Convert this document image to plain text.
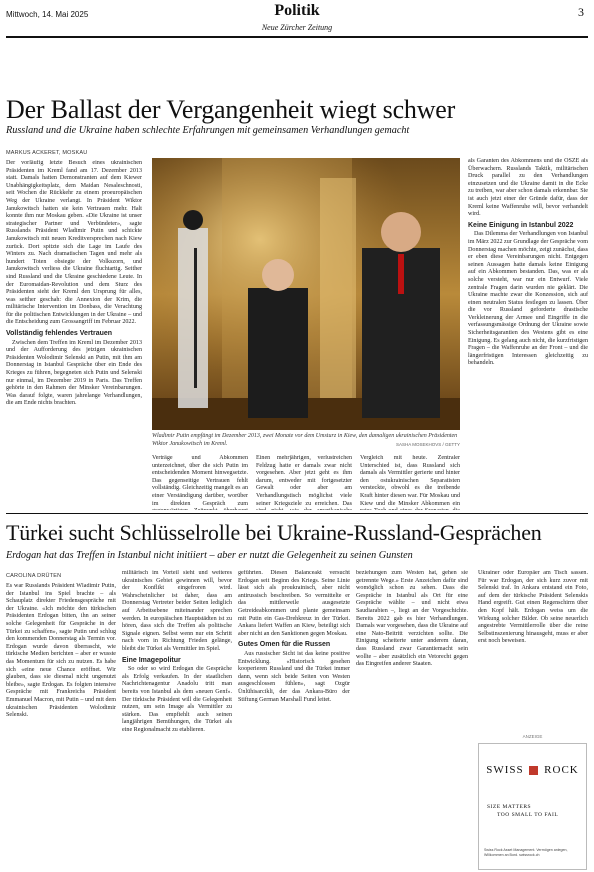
Mittwoch, 14. Mai 2025	Politik
Neue Zürcher Zeitung
3
Der Ballast der Vergangenheit wiegt schwer
Russland und die Ukraine haben schlechte Erfahrungen mit gemeinsamen Verhandlungen gemacht
MARKUS ACKERET, MOSKAU

Der vorläufig letzte Besuch eines ukrainischen Präsidenten im Kreml fand am 17. Dezember 2013 statt. Damals hatten Demonstranten auf dem Kiewer Unabhängigkeitsplatz, dem Maidan Nesaleschnosti, seit Wochen die Rückkehr zu einem proeuropäischen Weg der Ukraine verlangt. In Präsident Wiktor Janukowitsch hatten sie kein Vertrauen mehr. Halt konnte ihm nur Moskau geben. «Die Ukraine ist unser strategischer Partner und Verbündeter», sagte Russlands Präsident Wladimir Putin und schickte Janukowitsch mit neuen Kreditversprechen nach Kiew zurück. Dort spitzte sich die Lage im Laufe des Winters zu. Nach dramatischen Tagen und mehr als hundert Toten obsiegte der Volkszorn, und Janukowitsch verliess die Ukraine fluchtartig. Seither sind Russland und die Ukraine geschiedene Leute. In der Euromaidan-Revolution und dem Sturz des Präsidenten sieht der Kreml den Ursprung für alles, was seither geschah: die Annexion der Krim, die militärische Intervention im Donbass, die Verachtung für die politischen Entwicklungen in der Ukraine – und die Entscheidung zum Grossangriff im Februar 2022.

Vollständig fehlendes Vertrauen

Zwischen dem Treffen im Kreml im Dezember 2013 und der Aufforderung des jetzigen ukrainischen Präsidenten Wolodimir Selenski an Putin, mit ihm am Donnerstag in Istanbul Gespräche über ein Ende des Krieges zu führen, begegneten sich Putin und Selenski nur einmal, im Dezember 2019 in Paris. Das Treffen gehörte in den Rahmen der Minsker Vereinbarungen. Was darauf folgte, waren jahrelange Verhandlungen, die am Ende nichts brachten.

Wladimir Putin empfängt im Dezember 2013, zwei Monate vor dem Umsturz in Kiew, den damaligen ukrainischen Präsidenten Wiktor Janukowitsch im Kreml.	SASHA MOSEKHOVS / GETTY

Verträge und Abkommen unterzeichnet, über die sich Putin im entscheidenden Moment hinwegsetzte. Das gegenseitige Vertrauen fehlt vollständig. Gleichzeitig mangelt es an einer Verständigung darüber, worüber im direkten Gespräch zum

Einen mehrjährigen, verlustreichen Feldzug hatte er damals zwar nicht vorgesehen. Aber jetzt geht es ihm darum, entweder mit fortgesetzter Gewalt oder aber am Verhandlungstisch möglichst viele seiner Kriegsziele zu erreichen. Das

Vergleich mit heute. Zentraler Unterschied ist, dass Russland sich damals als Vermittler gerierte und hinter den ostukrainischen Separatisten versteckte, obwohl es die treibende Kraft hinter diesen war. Für Moskau und Kiew und die Minsker Abkommen ein

als Garanten des Abkommens und die OSZE als Überwachern. Russlands Taktik, militärischen Druck parallel zu den Verhandlungen einzusetzen und die Ukraine damit in die Ecke zu treiben, war aber schon damals erkennbar. Sie ist auch jetzt einer der Gründe dafür, dass der Kreml keine Waffenruhe will, bevor verhandelt wird.

Keine Einigung in Istanbul 2022

Das Dilemma der Verhandlungen von Istanbul im März 2022 zur Grundlage der Gespräche vom Donnerstag machen möchte, zeigt zunächst, dass er eben diese Vereinbarungen nicht. Entgegen seinen Aussagen hatte damals keine Einigung auf ein Abkommen bestanden. Das, was er als solche versteht, war nur ein Entwurf. Viele zentrale Fragen darin wurden nie geklärt. Die Ukraine machte zwar die Konzession, sich auf einen neutralen Status festlegen zu lassen. Über die vor Russland geforderte drastische Verkleinerung der Armee und Eingriffe in die verfassungsmässige Ordnung der Ukraine sowie Sicherheitsgarantien des Westens gibt es eine Einigung. Es gelang auch nicht, die kurzfristigen Fragen – die Waffenruhe an der Front – und die längerfristigen Interessen gleichzeitig zu behandeln.

Türkei sucht Schlüsselrolle bei Ukraine-Russland-Gesprächen
Erdogan hat das Treffen in Istanbul nicht initiiert – aber er nutzt die Gelegenheit zu seinen Gunsten
CAROLINA DRÜTEN

Es war Russlands Präsident Wladimir Putin, der Istanbul ins Spiel brachte – als Schauplatz direkter Friedensgespräche mit der Ukraine. «Ich möchte den türkischen Präsidenten Erdogan bitten, ihn an seiner solche Gelegenheit für Gespräche in der Türkei zu schaffen», sagte Putin und schlug den kommenden Donnerstag als Termin vor. Erdogan wurde davon überrascht, wie türkische Medien berichten – aber er wusste das Momentum für sich zu nutzen. Es habe sich «eine neue Chance eröffnet. Wir glauben, dass sie diesmal nicht ungenutzt bleibe», sagte Erdogan. Es folgten intensive Gespräche mit Frankreichs Präsident Emmanuel Macron, mit Putin – und mit dem ukrainischen Präsidenten Wolodimir Selenski.

militärisch im Vorteil sieht und weiteres ukrainisches Gebiet gewinnen will, bevor der Konflikt eingefroren wird. Wahrscheinlicher ist daher, dass am Donnerstag Vertreter beider Seiten lediglich auf Arbeitsebene miteinander sprechen werden. In europäischen Hauptstädten ist zu hören, dass sich die Treffen als politische Signale eignen. Selbst wenn nur ein Schritt nach vorn in Richtung Frieden gelänge, bleibt die Türkei als Vermittler im Spiel.

Eine Imagepolitur

So oder so wird Erdogan die Gespräche als Erfolg verkaufen. In der staatlichen Nachrichtenagentur Anadolu tritt man bereits von Istanbul als dem «neuen Genf». Der türkische Präsident will die Gelegenheit nutzen, um sein Image als Vermittler zu stärken. Das empfiehlt auch seinen langjährigen Bemühungen, die Türkei als eine Regionalmacht zu etablieren.

geführten. Diesen Balanceakt versucht Erdogan seit Beginn des Kriegs. Seine Linie lässt sich als proukrainisch, aber nicht antirussisch beschreiben. So vermittelte er das mittlerweile ausgesetzte Getreideabkommen und plante gemeinsam mit Putin ein Gas-Drehkreuz in der Türkei. Ankara liefert Waffen an Kiew, beteiligt sich aber nicht an den Sanktionen gegen Moskau.

Gutes Omen für die Russen

Aus russischer Sicht ist das keine positive Entwicklung. «Historisch gesehen kooperieren Russland und die Türkei immer dann, wenn sich beide Seiten von Westen ausgeschlossen fühlen», sagt Ozgür Ünlühisarcikli, der das Ankara-Büro der Stiftung German Marshall Fund leitet.

beziehungen zum Westen hat, gehen sie getrennte Wege.» Erste Anzeichen dafür sind womöglich schon zu sehen. Dass die Gespräche in Istanbul als Ort für eine Gespräche wählte – und nicht etwa Saudiarabien –, liegt an der Vorgeschichte. Bereits 2022 gab es hier Verhandlungen. Damals war vorgesehen, dass die Ukraine auf eine Nato-Beitritt verzichten sollte. Die Einigung scheiterte unter anderem daran, dass Russland zwar Garantiemacht sein wollte – aber zusätzlich ein Vetorecht gegen das Eingreifen anderer Staaten.

Ukrainer oder Europäer am Tisch sassen. Für war Erdogan, der sich kurz zuvor mit Selenski traf. In Ankara entstand ein Foto, auf dem der türkische Präsident Selenskis Hand ergreift. Gut einen Regenschirm über den Kopf hält. Erdogan weiss um die Wirkung solcher Bilder. Ob seine neuerlich angestrebte Vermittlerrolle über die reine Selbstinszenierung hinausgeht, muss er aber erst noch beweisen.

ANZEIGE
SWISS ROCK
SIZE MATTERS
TOO SMALL TO FAIL
Swiss Rock Asset Management. Vermögen anlegen, Willkommen an Bord. swissrock.ch
